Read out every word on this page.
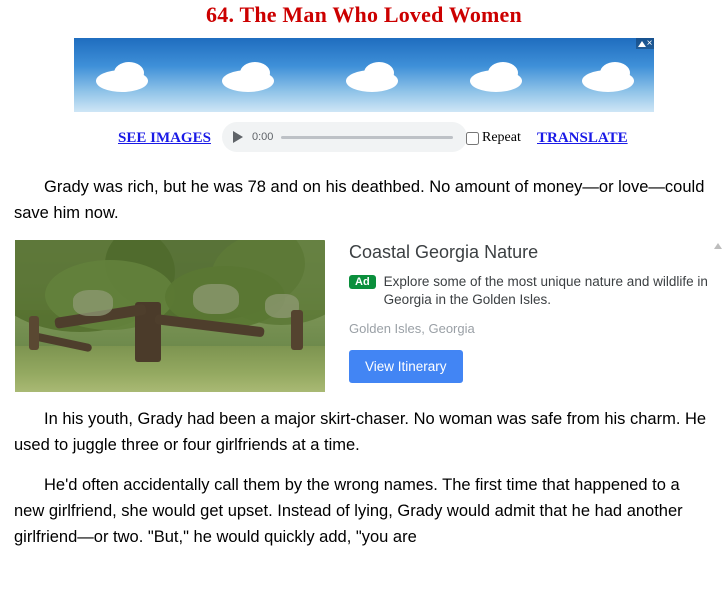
64. The Man Who Loved Women
×
SEE IMAGES	0:00	Repeat TRANSLATE

Grady was rich, but he was 78 and on his deathbed. No amount of money—or love—could save him now.

Coastal Georgia Nature
Ad	Explore some of the most unique nature and wildlife in Georgia in the Golden Isles.
Golden Isles, Georgia
View Itinerary

In his youth, Grady had been a major skirt-chaser. No woman was safe from his charm. He used to juggle three or four girlfriends at a time.

He'd often accidentally call them by the wrong names. The first time that happened to a new girlfriend, she would get upset. Instead of lying, Grady would admit that he had another girlfriend—or two. "But," he would quickly add, "you are
